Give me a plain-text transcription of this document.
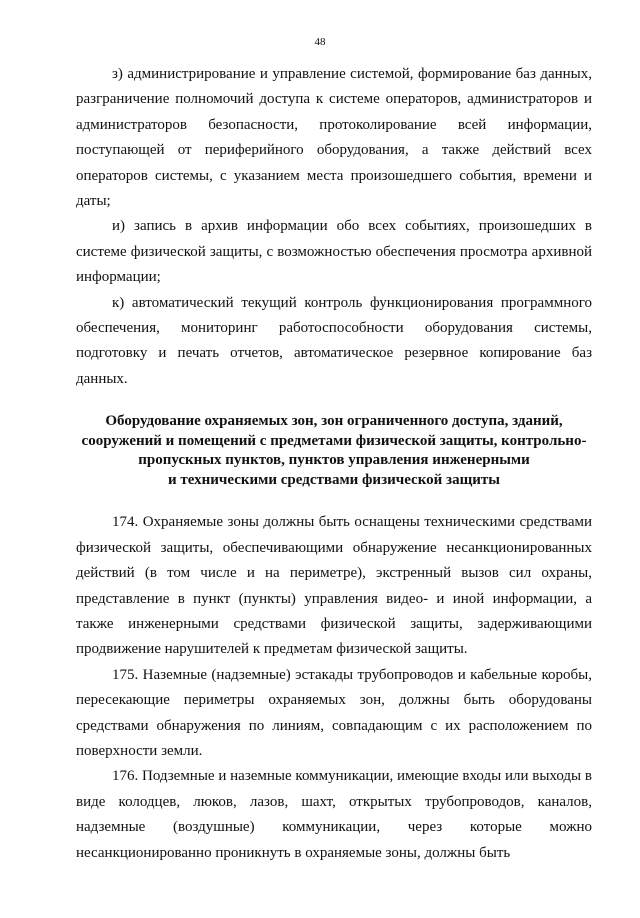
48

з) администрирование и управление системой, формирование баз данных, разграничение полномочий доступа к системе операторов, администраторов и администраторов безопасности, протоколирование всей информации, поступающей от периферийного оборудования, а также действий всех операторов системы, с указанием места произошедшего события, времени и даты;

и) запись в архив информации обо всех событиях, произошедших в системе физической защиты, с возможностью обеспечения просмотра архивной информации;

к) автоматический текущий контроль функционирования программного обеспечения, мониторинг работоспособности оборудования системы, подготовку и печать отчетов, автоматическое резервное копирование баз данных.

Оборудование охраняемых зон, зон ограниченного доступа, зданий,
сооружений и помещений с предметами физической защиты, контрольно-
пропускных пунктов, пунктов управления инженерными
и техническими средствами физической защиты

174. Охраняемые зоны должны быть оснащены техническими средствами физической защиты, обеспечивающими обнаружение несанкционированных действий (в том числе и на периметре), экстренный вызов сил охраны, представление в пункт (пункты) управления видео- и иной информации, а также инженерными средствами физической защиты, задерживающими продвижение нарушителей к предметам физической защиты.

175. Наземные (надземные) эстакады трубопроводов и кабельные коробы, пересекающие периметры охраняемых зон, должны быть оборудованы средствами обнаружения по линиям, совпадающим с их расположением по поверхности земли.

176. Подземные и наземные коммуникации, имеющие входы или выходы в виде колодцев, люков, лазов, шахт, открытых трубопроводов, каналов, надземные (воздушные) коммуникации, через которые можно несанкционированно проникнуть в охраняемые зоны, должны быть
